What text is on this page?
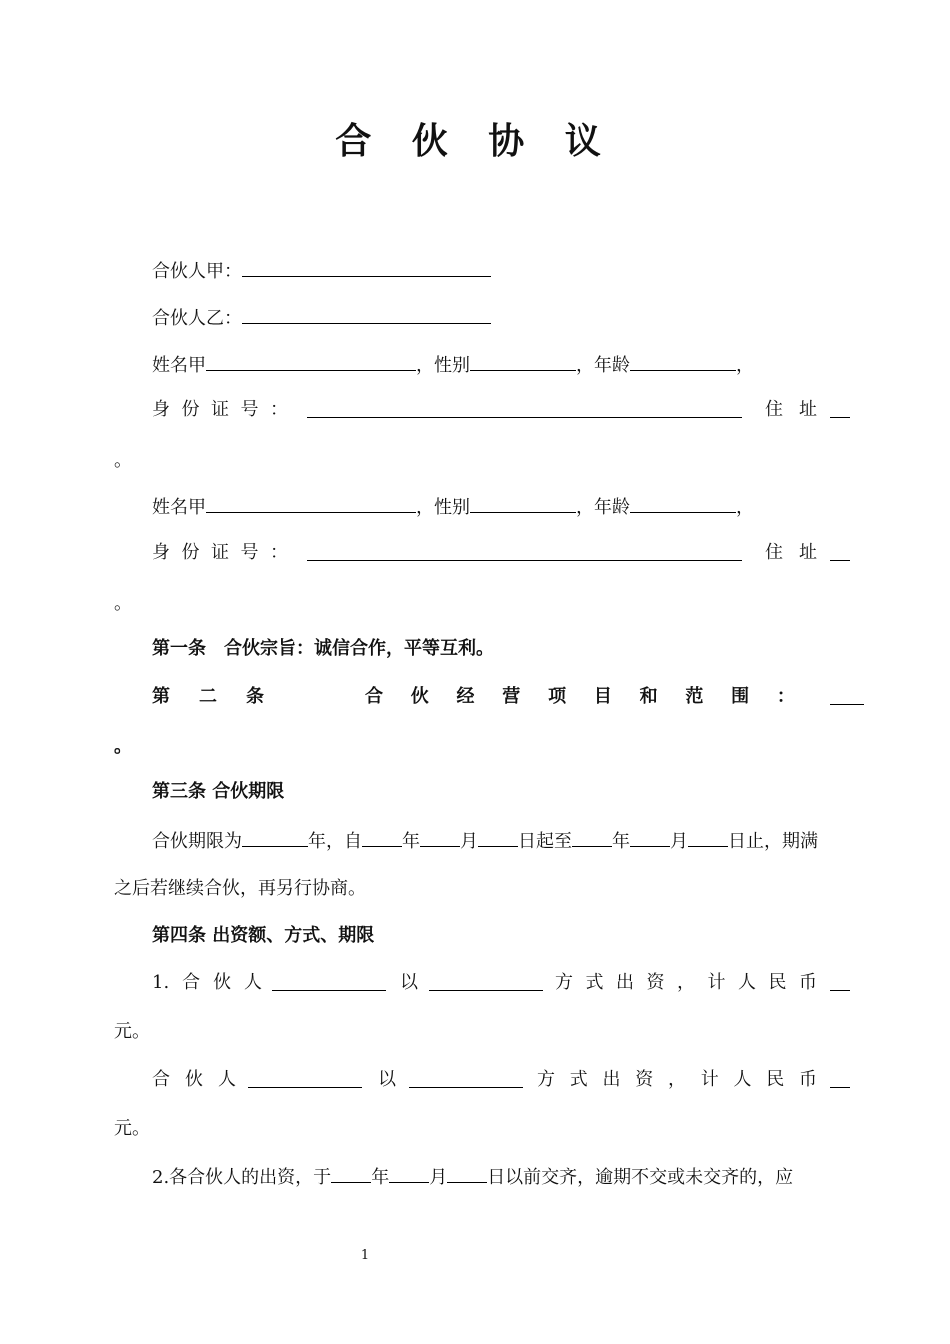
合 伙 协 议
合伙人甲：
合伙人乙：
姓名甲	，性别	，年龄	，
身 份 证 号 ：	住 址
。
姓名甲	，性别	，年龄	，
身 份 证 号 ：	住 址
。
第一条　合伙宗旨：诚信合作，平等互利。
第 二 条	合 伙 经 营 项 目 和 范 围 ：
。
第三条 合伙期限
合伙期限为	年，自 年 月 日起至 年 月 日止，期满
之后若继续合伙，再另行协商。
第四条 出资额、方式、期限
1. 合 伙 人	以	方 式 出 资 ， 计 人 民 币
元。
合 伙 人	以	方 式 出 资 ， 计 人 民 币
元。
2.各合伙人的出资，于 年 月 日以前交齐，逾期不交或未交齐的，应
1
